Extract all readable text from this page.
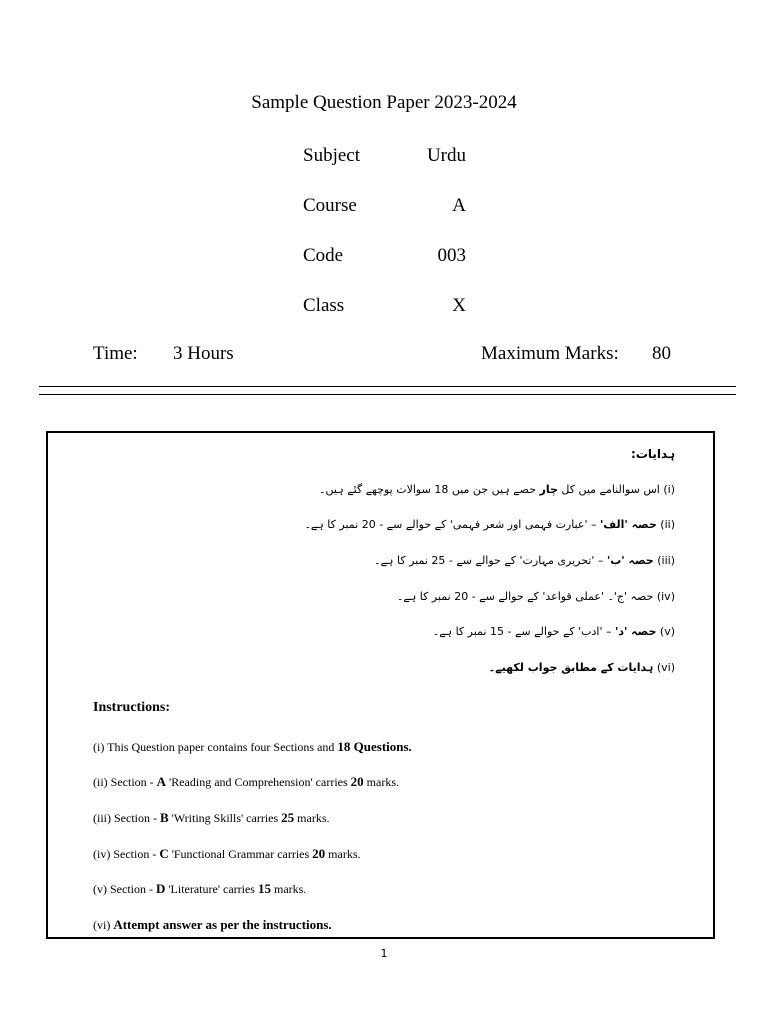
Sample Question Paper 2023-2024
Subject	Urdu
Course	A
Code	003
Class	X
Time: 3 Hours	Maximum Marks: 80
ہدایات:
(i) اس سوالنامے میں کل چار حصے ہیں جن میں 18 سوالات پوچھے گئے ہیں۔
(ii) حصہ 'الف' – 'عبارت فہمی اور شعر فہمی' کے حوالے سے - 20 نمبر کا ہے۔
(iii) حصہ 'ب' – 'تحریری مہارت' کے حوالے سے - 25 نمبر کا ہے۔
(iv) حصہ 'ج'۔ 'عملی قواعد' کے حوالے سے - 20 نمبر کا ہے۔
(v) حصہ 'د' – 'ادب' کے حوالے سے - 15 نمبر کا ہے۔
(vi) ہدایات کے مطابق جواب لکھیے۔
Instructions:
(i) This Question paper contains four Sections and 18 Questions.
(ii) Section - A 'Reading and Comprehension' carries 20 marks.
(iii) Section - B 'Writing Skills' carries 25 marks.
(iv) Section - C 'Functional Grammar carries 20 marks.
(v) Section - D 'Literature' carries 15 marks.
(vi) Attempt answer as per the instructions.
1
